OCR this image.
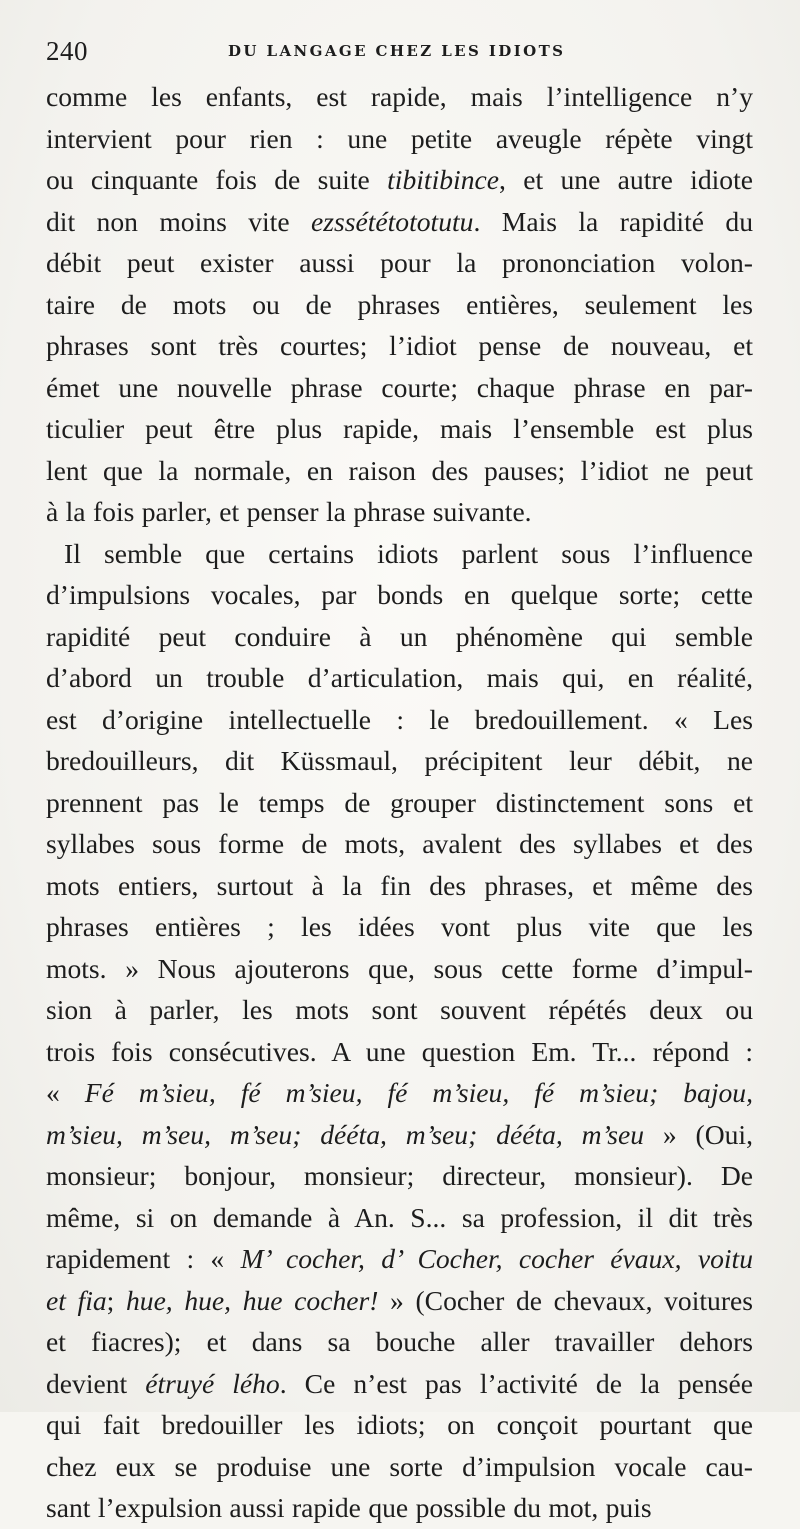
240	DU LANGAGE CHEZ LES IDIOTS
comme les enfants, est rapide, mais l’intelligence n’y
intervient pour rien : une petite aveugle répète vingt
ou cinquante fois de suite tibitibince, et une autre idiote
dit non moins vite ezssététototutu. Mais la rapidité du
débit peut exister aussi pour la prononciation volon-
taire de mots ou de phrases entières, seulement les
phrases sont très courtes; l’idiot pense de nouveau, et
émet une nouvelle phrase courte; chaque phrase en par-
ticulier peut être plus rapide, mais l’ensemble est plus
lent que la normale, en raison des pauses; l’idiot ne peut
à la fois parler, et penser la phrase suivante.
Il semble que certains idiots parlent sous l’influence
d’impulsions vocales, par bonds en quelque sorte; cette
rapidité peut conduire à un phénomène qui semble
d’abord un trouble d’articulation, mais qui, en réalité,
est d’origine intellectuelle : le bredouillement. « Les
bredouilleurs, dit Küssmaul, précipitent leur débit, ne
prennent pas le temps de grouper distinctement sons et
syllabes sous forme de mots, avalent des syllabes et des
mots entiers, surtout à la fin des phrases, et même des
phrases entières ; les idées vont plus vite que les
mots. » Nous ajouterons que, sous cette forme d’impul-
sion à parler, les mots sont souvent répétés deux ou
trois fois consécutives. A une question Em. Tr... répond :
« Fé m’sieu, fé m’sieu, fé m’sieu, fé m’sieu; bajou,
m’sieu, m’seu, m’seu; dééta, m’seu; dééta, m’seu » (Oui,
monsieur; bonjour, monsieur; directeur, monsieur). De
même, si on demande à An. S... sa profession, il dit très
rapidement : « M’ cocher, d’ Cocher, cocher évaux, voitu
et fia; hue, hue, hue cocher! » (Cocher de chevaux, voitures
et fiacres); et dans sa bouche aller travailler dehors
devient étruyé lého. Ce n’est pas l’activité de la pensée
qui fait bredouiller les idiots; on conçoit pourtant que
chez eux se produise une sorte d’impulsion vocale cau-
sant l’expulsion aussi rapide que possible du mot, puis
